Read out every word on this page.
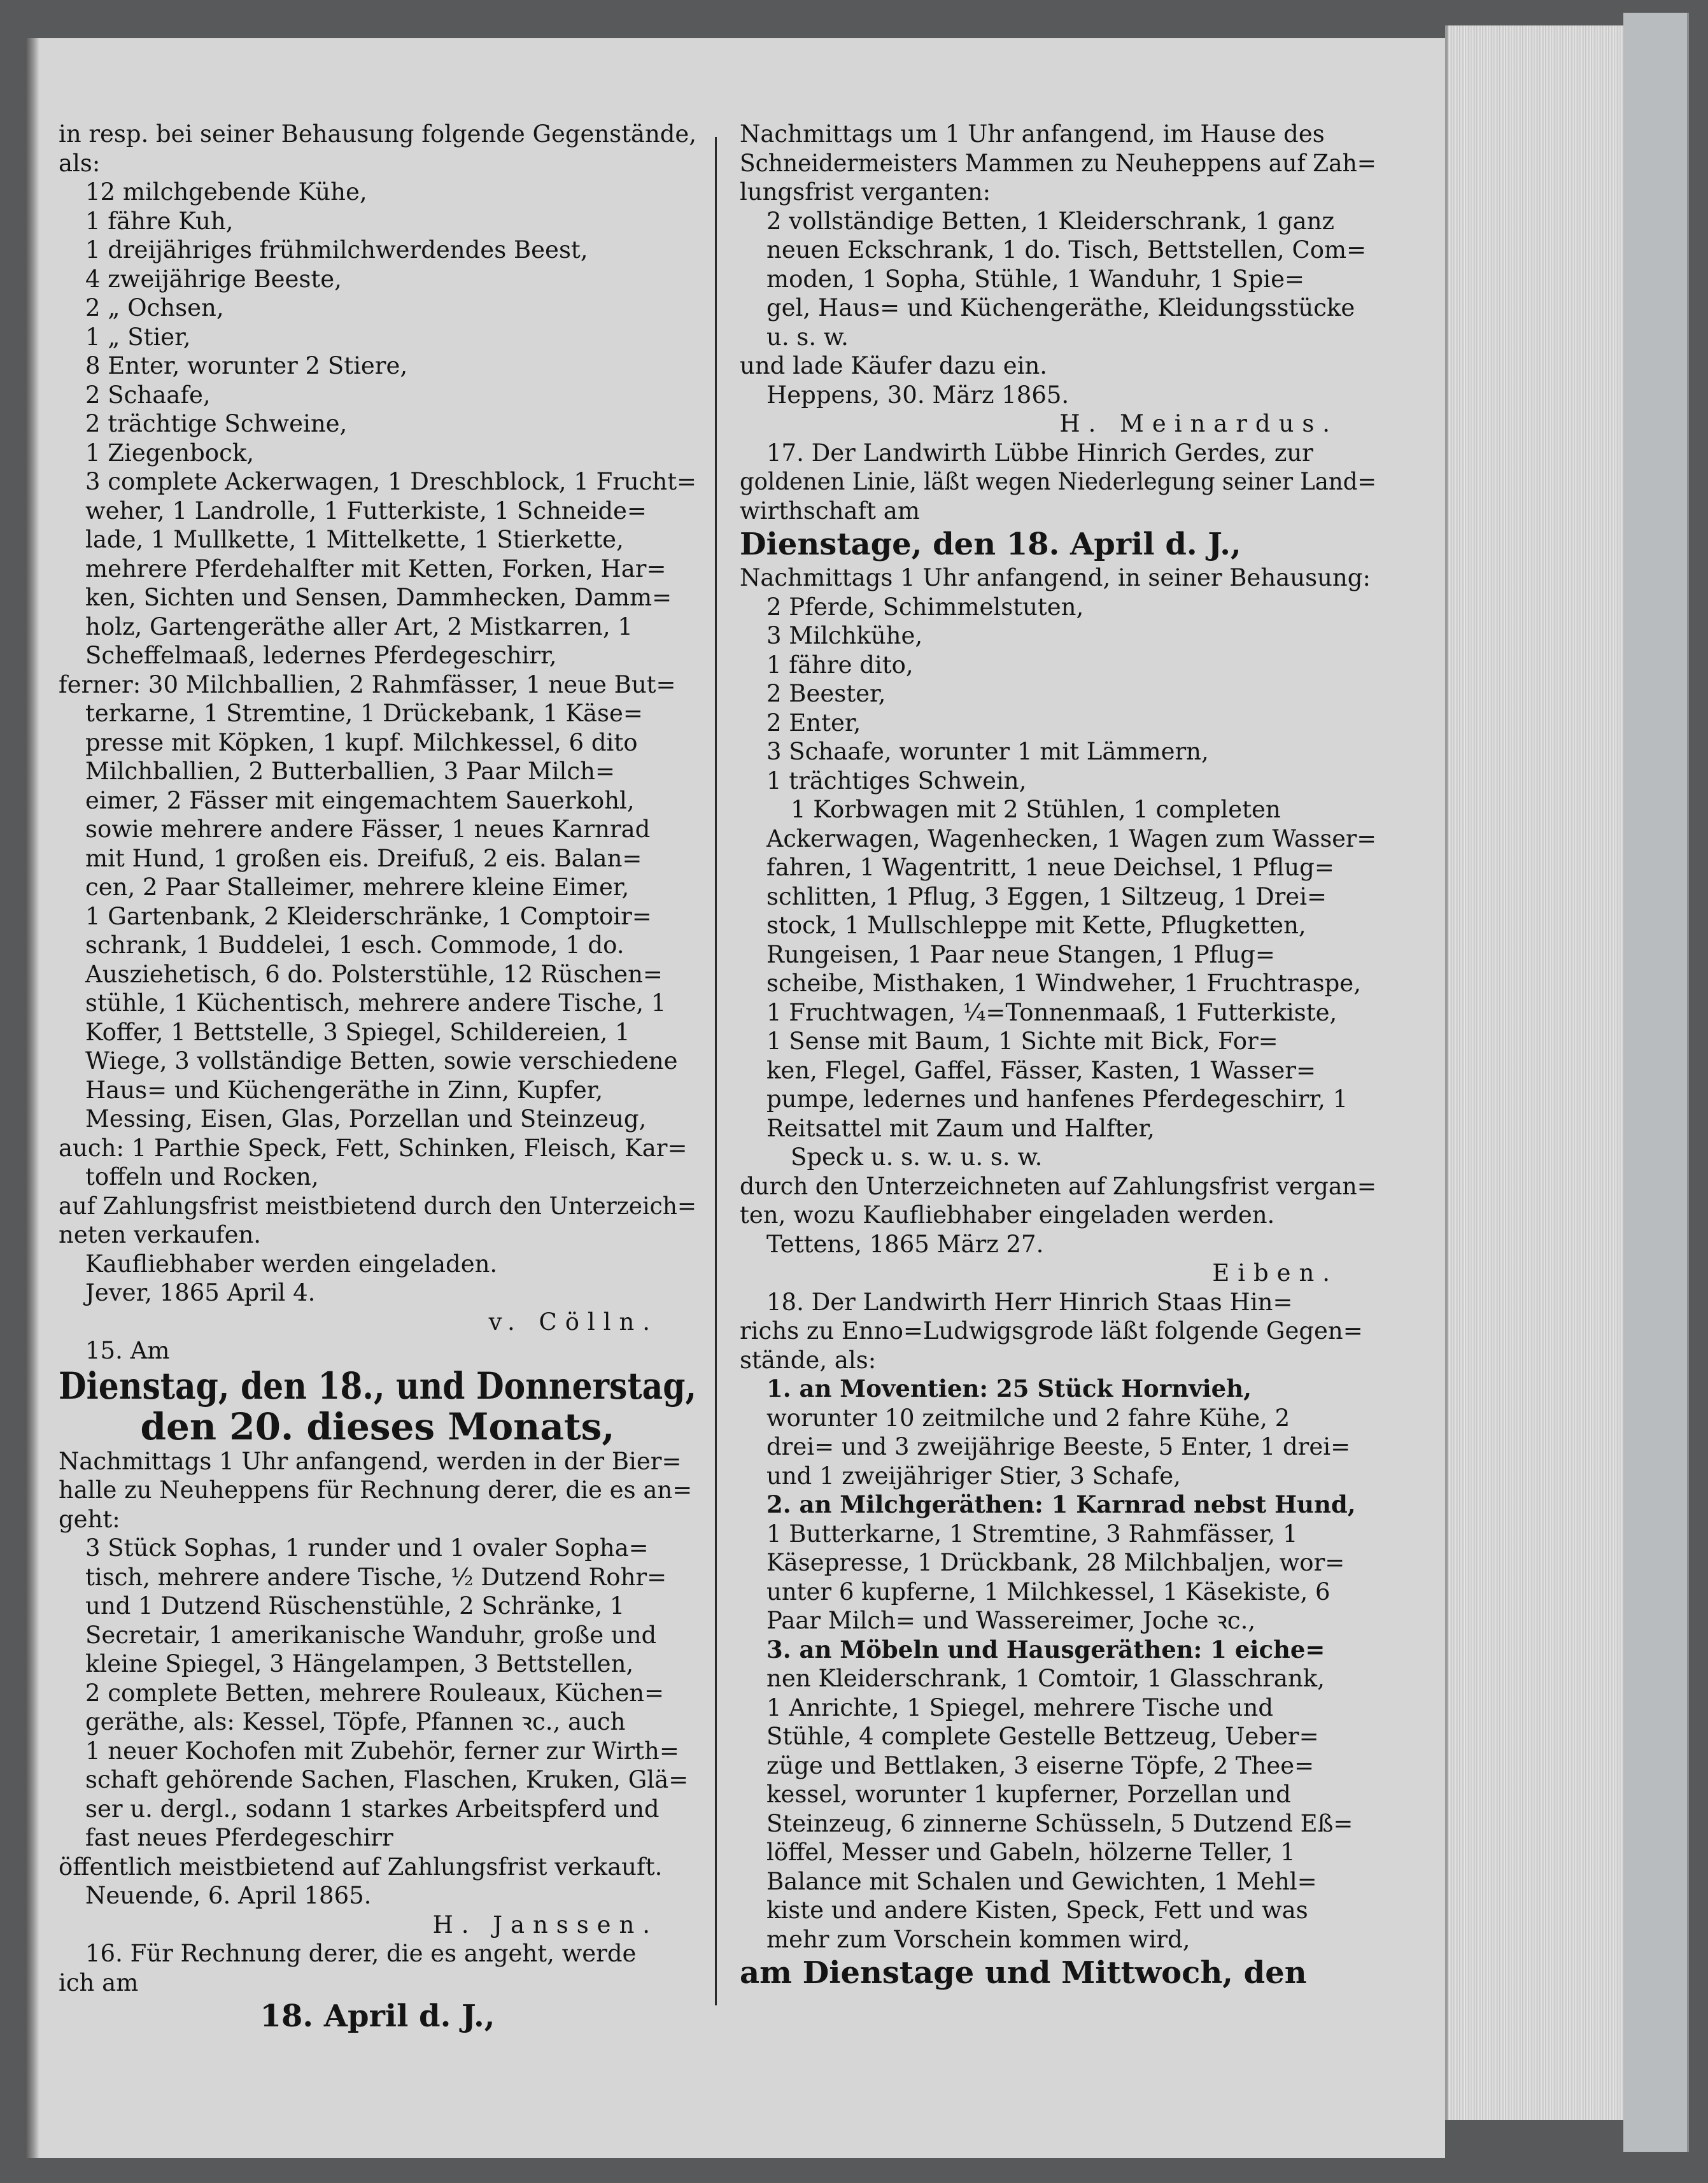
in resp. bei seiner Behausung folgende Gegenstände,

als:

12 milchgebende Kühe,

1 fähre Kuh,

1 dreijähriges frühmilchwerdendes Beest,

4 zweijährige Beeste,

2 „ Ochsen,

1 „ Stier,

8 Enter, worunter 2 Stiere,

2 Schaafe,

2 trächtige Schweine,

1 Ziegenbock,

3 complete Ackerwagen, 1 Dreschblock, 1 Frucht=

weher, 1 Landrolle, 1 Futterkiste, 1 Schneide=

lade, 1 Mullkette, 1 Mittelkette, 1 Stierkette,

mehrere Pferdehalfter mit Ketten, Forken, Har=

ken, Sichten und Sensen, Dammhecken, Damm=

holz, Gartengeräthe aller Art, 2 Mistkarren, 1

Scheffelmaaß, ledernes Pferdegeschirr,

ferner: 30 Milchballien, 2 Rahmfässer, 1 neue But=

terkarne, 1 Stremtine, 1 Drückebank, 1 Käse=

presse mit Köpken, 1 kupf. Milchkessel, 6 dito

Milchballien, 2 Butterballien, 3 Paar Milch=

eimer, 2 Fässer mit eingemachtem Sauerkohl,

sowie mehrere andere Fässer, 1 neues Karnrad

mit Hund, 1 großen eis. Dreifuß, 2 eis. Balan=

cen, 2 Paar Stalleimer, mehrere kleine Eimer,

1 Gartenbank, 2 Kleiderschränke, 1 Comptoir=

schrank, 1 Buddelei, 1 esch. Commode, 1 do.

Ausziehetisch, 6 do. Polsterstühle, 12 Rüschen=

stühle, 1 Küchentisch, mehrere andere Tische, 1

Koffer, 1 Bettstelle, 3 Spiegel, Schildereien, 1

Wiege, 3 vollständige Betten, sowie verschiedene

Haus= und Küchengeräthe in Zinn, Kupfer,

Messing, Eisen, Glas, Porzellan und Steinzeug,

auch: 1 Parthie Speck, Fett, Schinken, Fleisch, Kar=

toffeln und Rocken,

auf Zahlungsfrist meistbietend durch den Unterzeich=

neten verkaufen.

Kaufliebhaber werden eingeladen.

Jever, 1865 April 4.

v. Cölln.

15. Am

Dienstag, den 18., und Donnerstag,

den 20. dieses Monats,

Nachmittags 1 Uhr anfangend, werden in der Bier=

halle zu Neuheppens für Rechnung derer, die es an=

geht:

3 Stück Sophas, 1 runder und 1 ovaler Sopha=

tisch, mehrere andere Tische, ½ Dutzend Rohr=

und 1 Dutzend Rüschenstühle, 2 Schränke, 1

Secretair, 1 amerikanische Wanduhr, große und

kleine Spiegel, 3 Hängelampen, 3 Bettstellen,

2 complete Betten, mehrere Rouleaux, Küchen=

geräthe, als: Kessel, Töpfe, Pfannen ꝛc., auch

1 neuer Kochofen mit Zubehör, ferner zur Wirth=

schaft gehörende Sachen, Flaschen, Kruken, Glä=

ser u. dergl., sodann 1 starkes Arbeitspferd und

fast neues Pferdegeschirr

öffentlich meistbietend auf Zahlungsfrist verkauft.

Neuende, 6. April 1865.

H. Janssen.

16. Für Rechnung derer, die es angeht, werde

ich am

18. April d. J.,

Nachmittags um 1 Uhr anfangend, im Hause des

Schneidermeisters Mammen zu Neuheppens auf Zah=

lungsfrist verganten:

2 vollständige Betten, 1 Kleiderschrank, 1 ganz

neuen Eckschrank, 1 do. Tisch, Bettstellen, Com=

moden, 1 Sopha, Stühle, 1 Wanduhr, 1 Spie=

gel, Haus= und Küchengeräthe, Kleidungsstücke

u. s. w.

und lade Käufer dazu ein.

Heppens, 30. März 1865.

H. Meinardus.

17. Der Landwirth Lübbe Hinrich Gerdes, zur

goldenen Linie, läßt wegen Niederlegung seiner Land=

wirthschaft am

Dienstage, den 18. April d. J.,

Nachmittags 1 Uhr anfangend, in seiner Behausung:

2 Pferde, Schimmelstuten,

3 Milchkühe,

1 fähre dito,

2 Beester,

2 Enter,

3 Schaafe, worunter 1 mit Lämmern,

1 trächtiges Schwein,

1 Korbwagen mit 2 Stühlen, 1 completen

Ackerwagen, Wagenhecken, 1 Wagen zum Wasser=

fahren, 1 Wagentritt, 1 neue Deichsel, 1 Pflug=

schlitten, 1 Pflug, 3 Eggen, 1 Siltzeug, 1 Drei=

stock, 1 Mullschleppe mit Kette, Pflugketten,

Rungeisen, 1 Paar neue Stangen, 1 Pflug=

scheibe, Misthaken, 1 Windweher, 1 Fruchtraspe,

1 Fruchtwagen, ¼=Tonnenmaaß, 1 Futterkiste,

1 Sense mit Baum, 1 Sichte mit Bick, For=

ken, Flegel, Gaffel, Fässer, Kasten, 1 Wasser=

pumpe, ledernes und hanfenes Pferdegeschirr, 1

Reitsattel mit Zaum und Halfter,

Speck u. s. w. u. s. w.

durch den Unterzeichneten auf Zahlungsfrist vergan=

ten, wozu Kaufliebhaber eingeladen werden.

Tettens, 1865 März 27.

Eiben.

18. Der Landwirth Herr Hinrich Staas Hin=

richs zu Enno=Ludwigsgrode läßt folgende Gegen=

stände, als:

1. an Moventien: 25 Stück Hornvieh,

worunter 10 zeitmilche und 2 fahre Kühe, 2

drei= und 3 zweijährige Beeste, 5 Enter, 1 drei=

und 1 zweijähriger Stier, 3 Schafe,

2. an Milchgeräthen: 1 Karnrad nebst Hund,

1 Butterkarne, 1 Stremtine, 3 Rahmfässer, 1

Käsepresse, 1 Drückbank, 28 Milchbaljen, wor=

unter 6 kupferne, 1 Milchkessel, 1 Käsekiste, 6

Paar Milch= und Wassereimer, Joche ꝛc.,

3. an Möbeln und Hausgeräthen: 1 eiche=

nen Kleiderschrank, 1 Comtoir, 1 Glasschrank,

1 Anrichte, 1 Spiegel, mehrere Tische und

Stühle, 4 complete Gestelle Bettzeug, Ueber=

züge und Bettlaken, 3 eiserne Töpfe, 2 Thee=

kessel, worunter 1 kupferner, Porzellan und

Steinzeug, 6 zinnerne Schüsseln, 5 Dutzend Eß=

löffel, Messer und Gabeln, hölzerne Teller, 1

Balance mit Schalen und Gewichten, 1 Mehl=

kiste und andere Kisten, Speck, Fett und was

mehr zum Vorschein kommen wird,

am Dienstage und Mittwoch, den
